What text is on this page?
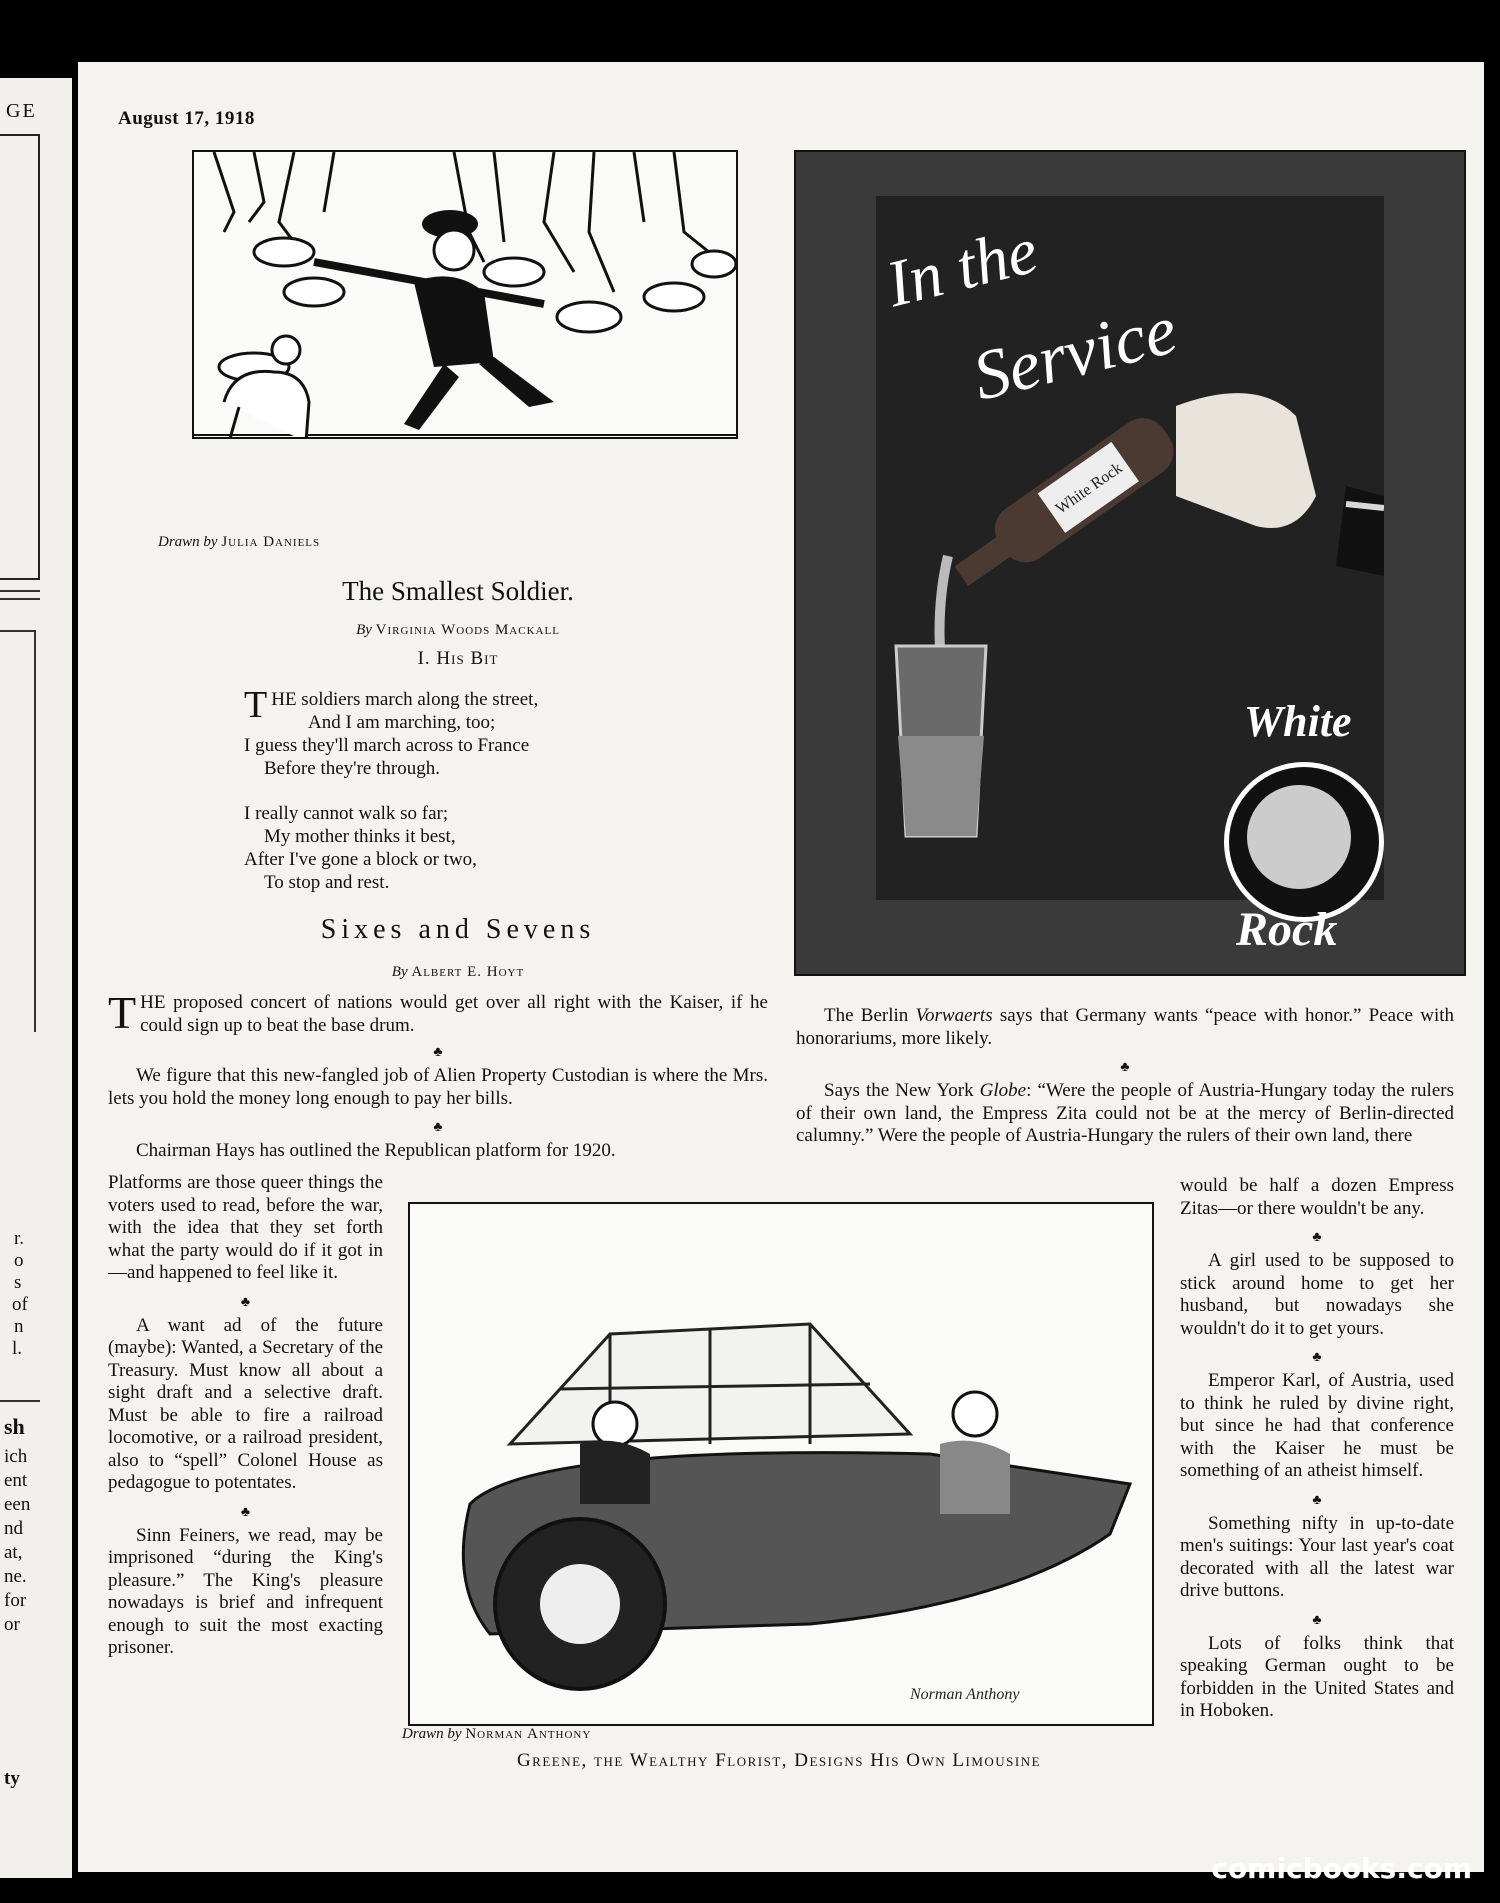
GE
r.
o
s
of
n
l.
sh
ich
ent
een
nd
at,
ne.
for
or
ty
August 17, 1918
Drawn by Julia Daniels
The Smallest Soldier.
By Virginia Woods Mackall
I. His Bit

THE soldiers march along the street,

And I am marching, too;

I guess they'll march across to France

Before they're through.

I really cannot walk so far;

My mother thinks it best,

After I've gone a block or two,

To stop and rest.

Sixes and Sevens
By Albert E. Hoyt

THE proposed concert of nations would get over all right with the Kaiser, if he could sign up to beat the base drum.

♣

We figure that this new-fangled job of Alien Property Custodian is where the Mrs. lets you hold the money long enough to pay her bills.

♣

Chairman Hays has outlined the Republican platform for 1920.

Platforms are those queer things the voters used to read, before the war, with the idea that they set forth what the party would do if it got in—and happened to feel like it.

♣

A want ad of the future (maybe): Wanted, a Secretary of the Treasury. Must know all about a sight draft and a selective draft. Must be able to fire a railroad locomotive, or a railroad president, also to “spell” Colonel House as pedagogue to potentates.

♣

Sinn Feiners, we read, may be imprisoned “during the King's pleasure.” The King's pleasure nowadays is brief and infrequent enough to suit the most exacting prisoner.

In the
Service
White Rock
White
Rock

The Berlin Vorwaerts says that Germany wants “peace with honor.” Peace with honorariums, more likely.

♣

Says the New York Globe: “Were the people of Austria-Hungary today the rulers of their own land, the Empress Zita could not be at the mercy of Berlin-directed calumny.” Were the people of Austria-Hungary the rulers of their own land, there

would be half a dozen Empress Zitas—or there wouldn't be any.

♣

A girl used to be supposed to stick around home to get her husband, but nowadays she wouldn't do it to get yours.

♣

Emperor Karl, of Austria, used to think he ruled by divine right, but since he had that conference with the Kaiser he must be something of an atheist himself.

♣

Something nifty in up-to-date men's suitings: Your last year's coat decorated with all the latest war drive buttons.

♣

Lots of folks think that speaking German ought to be forbidden in the United States and in Hoboken.

Norman Anthony
Drawn by Norman Anthony
Greene, the Wealthy Florist, Designs His Own Limousine
comicbooks.com
